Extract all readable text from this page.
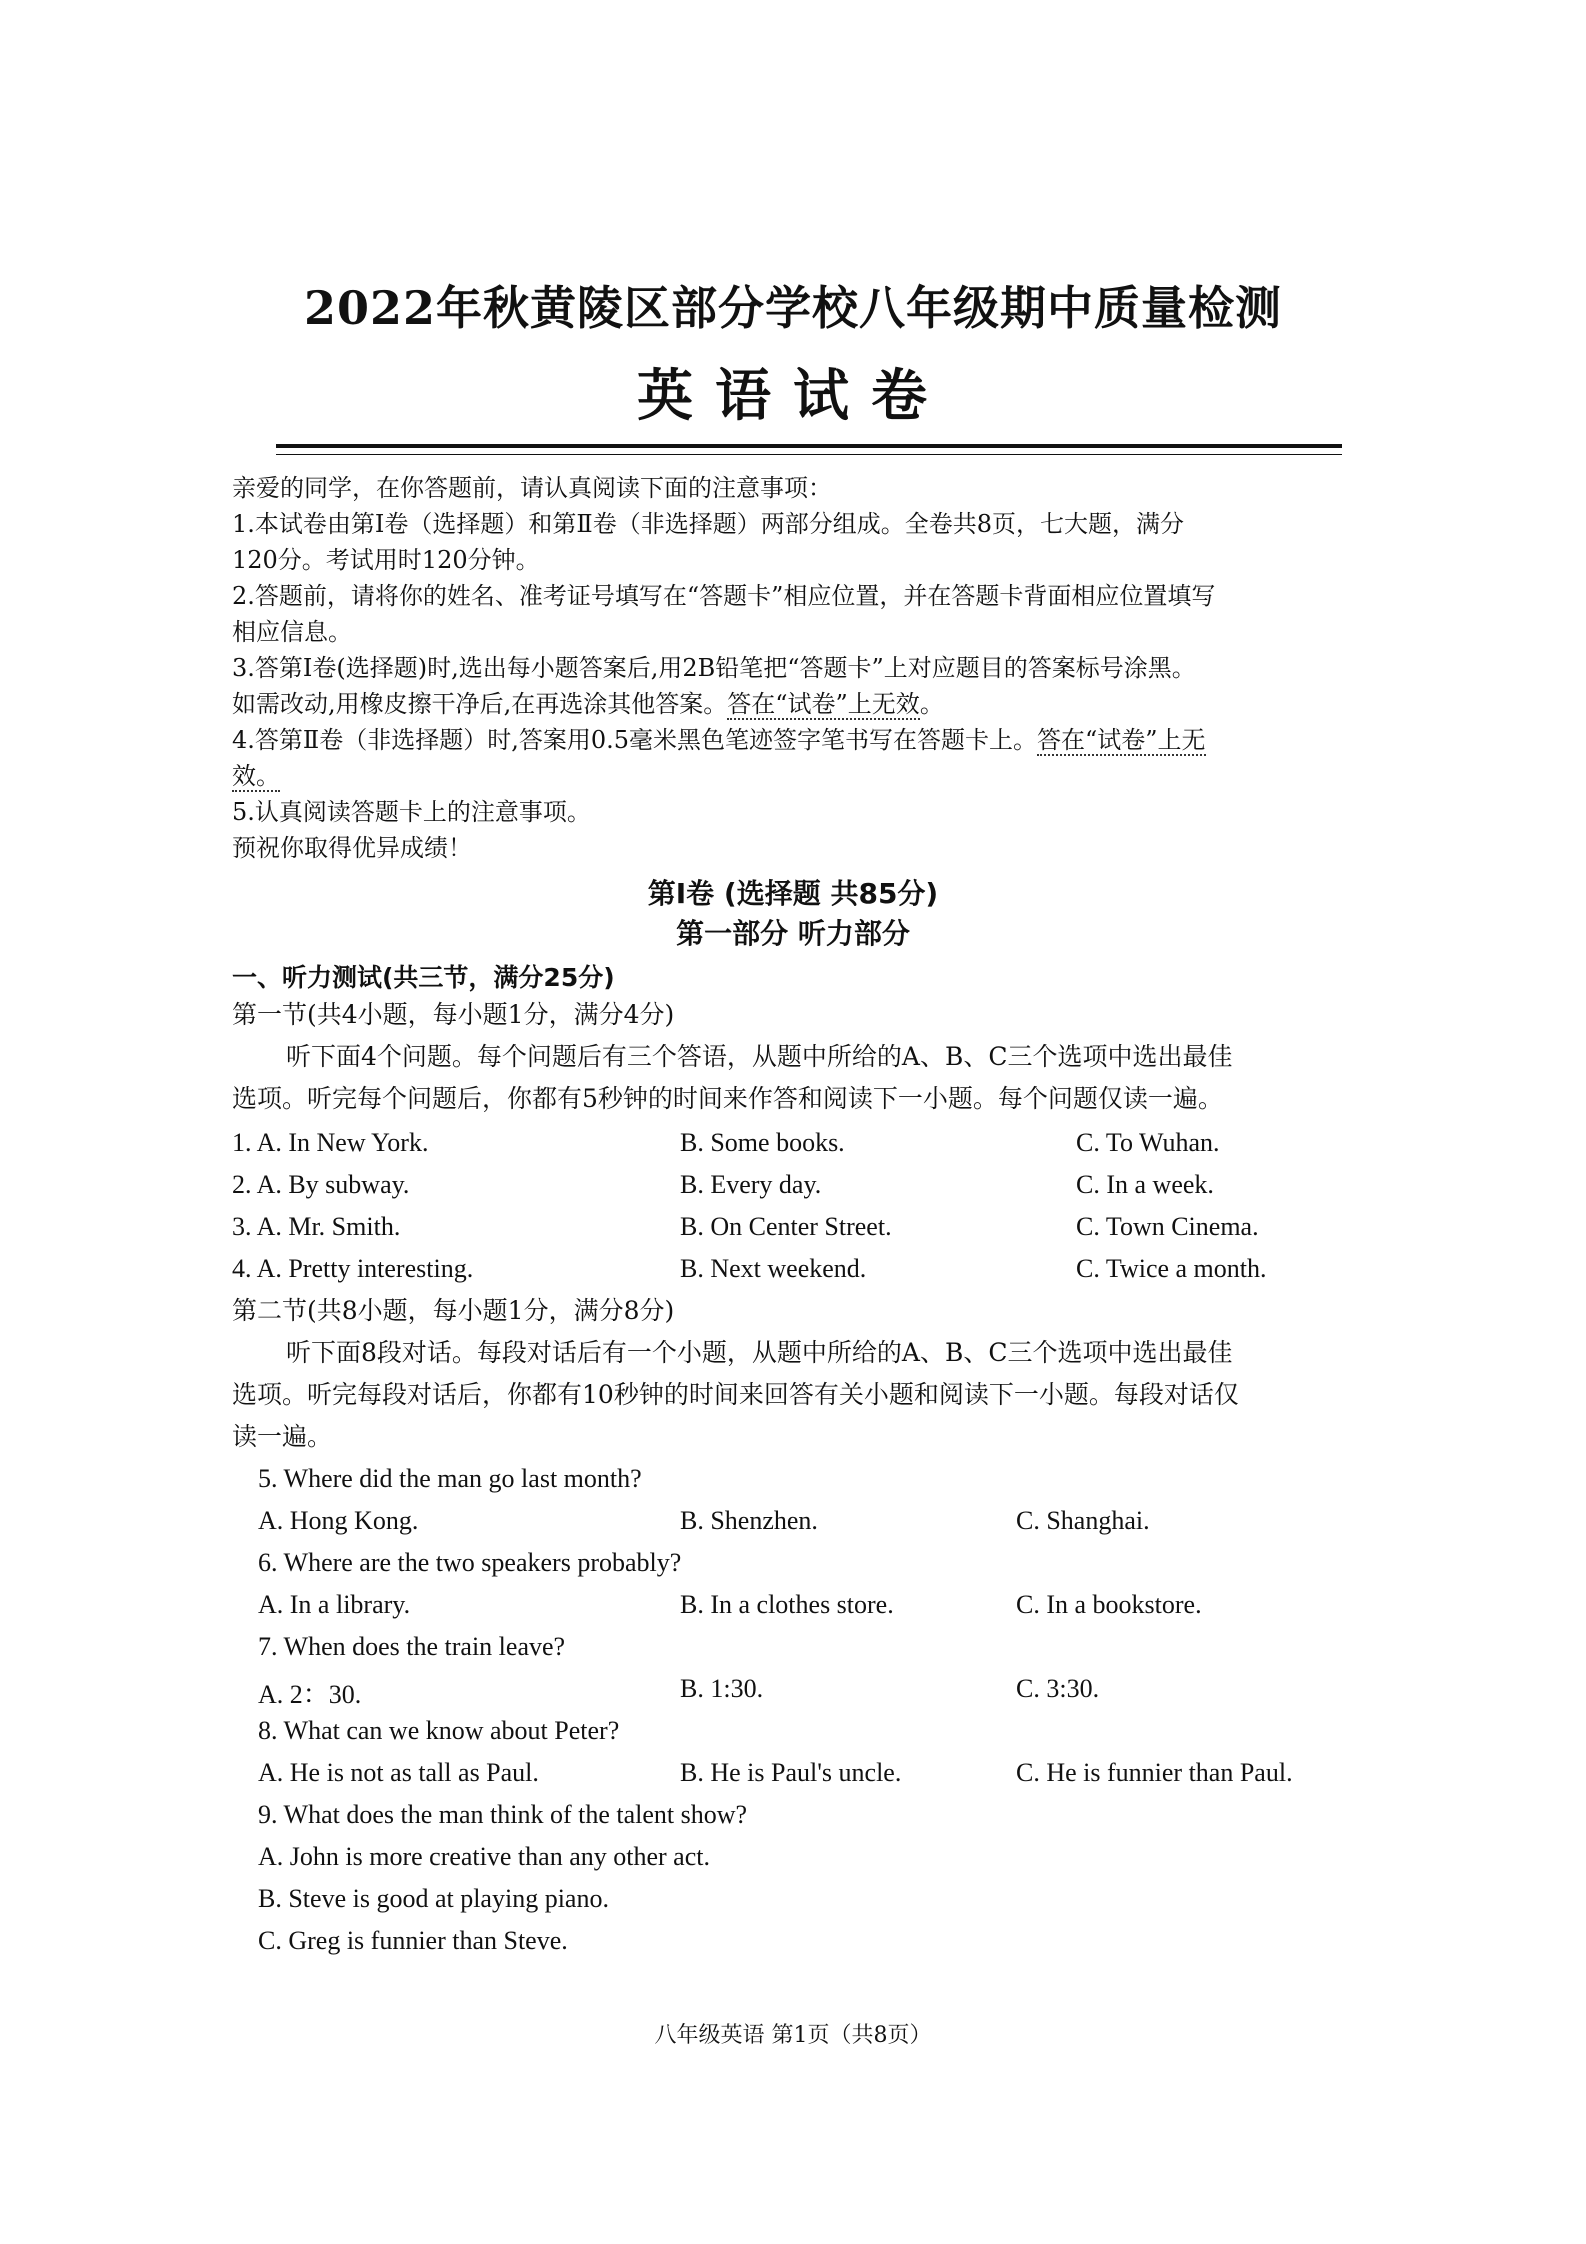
2022年秋黄陵区部分学校八年级期中质量检测
英语试卷
亲爱的同学，在你答题前，请认真阅读下面的注意事项：
1.本试卷由第Ⅰ卷（选择题）和第Ⅱ卷（非选择题）两部分组成。全卷共8页，七大题，满分
120分。考试用时120分钟。
2.答题前，请将你的姓名、准考证号填写在“答题卡”相应位置，并在答题卡背面相应位置填写
相应信息。
3.答第Ⅰ卷(选择题)时,选出每小题答案后,用2B铅笔把“答题卡”上对应题目的答案标号涂黑。
如需改动,用橡皮擦干净后,在再选涂其他答案。答在“试卷”上无效。
4.答第Ⅱ卷（非选择题）时,答案用0.5毫米黑色笔迹签字笔书写在答题卡上。答在“试卷”上无
效。
5.认真阅读答题卡上的注意事项。
预祝你取得优异成绩！
第Ⅰ卷 (选择题 共85分)
第一部分 听力部分
一、听力测试(共三节，满分25分)
第一节(共4小题，每小题1分，满分4分)
听下面4个问题。每个问题后有三个答语，从题中所给的A、B、C三个选项中选出最佳
选项。听完每个问题后，你都有5秒钟的时间来作答和阅读下一小题。每个问题仅读一遍。
1. A. In New York.	B. Some books.	C. To Wuhan.
2. A. By subway.	B. Every day.	C. In a week.
3. A. Mr. Smith.	B. On Center Street.	C. Town Cinema.
4. A. Pretty interesting.	B. Next weekend.	C. Twice a month.
第二节(共8小题，每小题1分，满分8分)
听下面8段对话。每段对话后有一个小题，从题中所给的A、B、C三个选项中选出最佳
选项。听完每段对话后，你都有10秒钟的时间来回答有关小题和阅读下一小题。每段对话仅
读一遍。
5. Where did the man go last month?
A. Hong Kong.	B. Shenzhen.	C. Shanghai.
6. Where are the two speakers probably?
A. In a library.	B. In a clothes store.	C. In a bookstore.
7. When does the train leave?
A. 2：30.	B. 1:30.	C. 3:30.
8. What can we know about Peter?
A. He is not as tall as Paul.	B. He is Paul's uncle.	C. He is funnier than Paul.
9. What does the man think of the talent show?
A. John is more creative than any other act.
B. Steve is good at playing piano.
C. Greg is funnier than Steve.
八年级英语 第1页（共8页）
